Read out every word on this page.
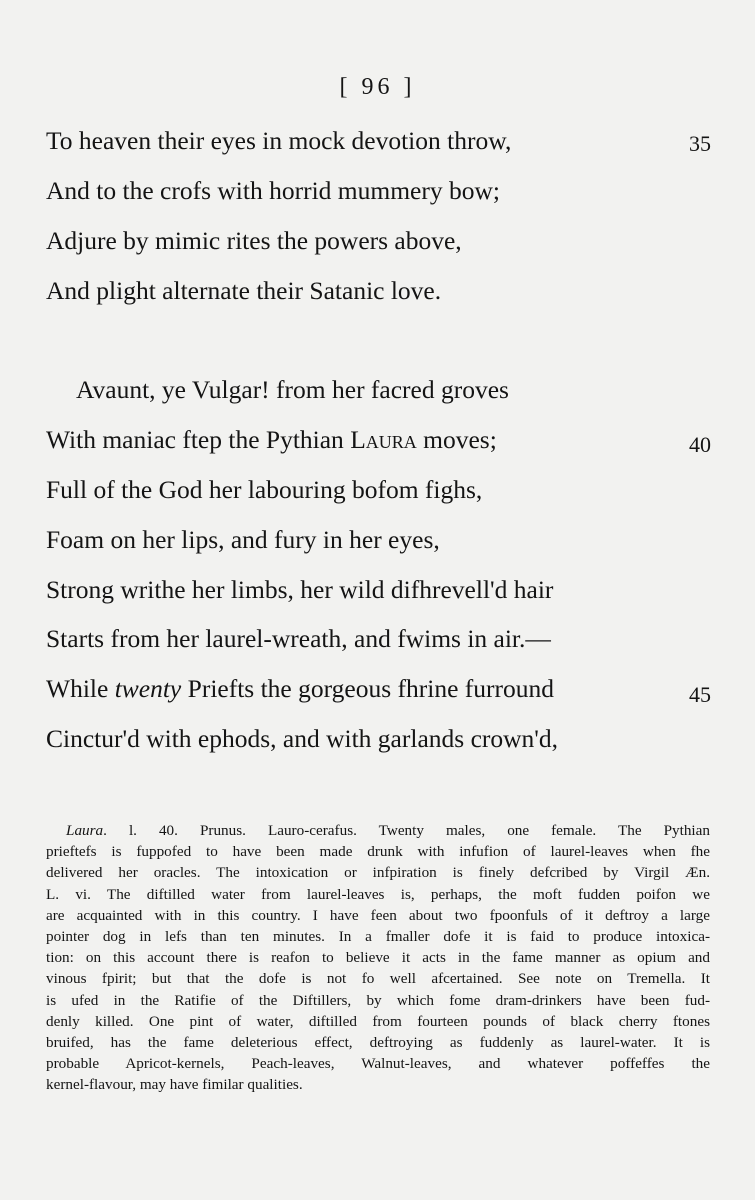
[ 96 ]
To heaven their eyes in mock devotion throw,
And to the crofs with horrid mummery bow;
Adjure by mimic rites the powers above,
And plight alternate their Satanic love.
35
Avaunt, ye Vulgar! from her facred groves
With maniac ftep the Pythian Laura moves;
Full of the God her labouring bofom fighs,
Foam on her lips, and fury in her eyes,
Strong writhe her limbs, her wild difhrevell'd hair
Starts from her laurel-wreath, and fwims in air.—
While twenty Priefts the gorgeous fhrine furround
Cinctur'd with ephods, and with garlands crown'd,
40
45
Laura. l. 40. Prunus. Lauro-cerafus. Twenty males, one female. The Pythian
prieftefs is fuppofed to have been made drunk with infufion of laurel-leaves when fhe
delivered her oracles. The intoxication or infpiration is finely defcribed by Virgil Æn.
L. vi. The diftilled water from laurel-leaves is, perhaps, the moft fudden poifon we
are acquainted with in this country. I have feen about two fpoonfuls of it deftroy a large
pointer dog in lefs than ten minutes. In a fmaller dofe it is faid to produce intoxica-
tion: on this account there is reafon to believe it acts in the fame manner as opium and
vinous fpirit; but that the dofe is not fo well afcertained. See note on Tremella. It
is ufed in the Ratifie of the Diftillers, by which fome dram-drinkers have been fud-
denly killed. One pint of water, diftilled from fourteen pounds of black cherry ftones
bruifed, has the fame deleterious effect, deftroying as fuddenly as laurel-water. It is
probable Apricot-kernels, Peach-leaves, Walnut-leaves, and whatever poffeffes the
kernel-flavour, may have fimilar qualities.
